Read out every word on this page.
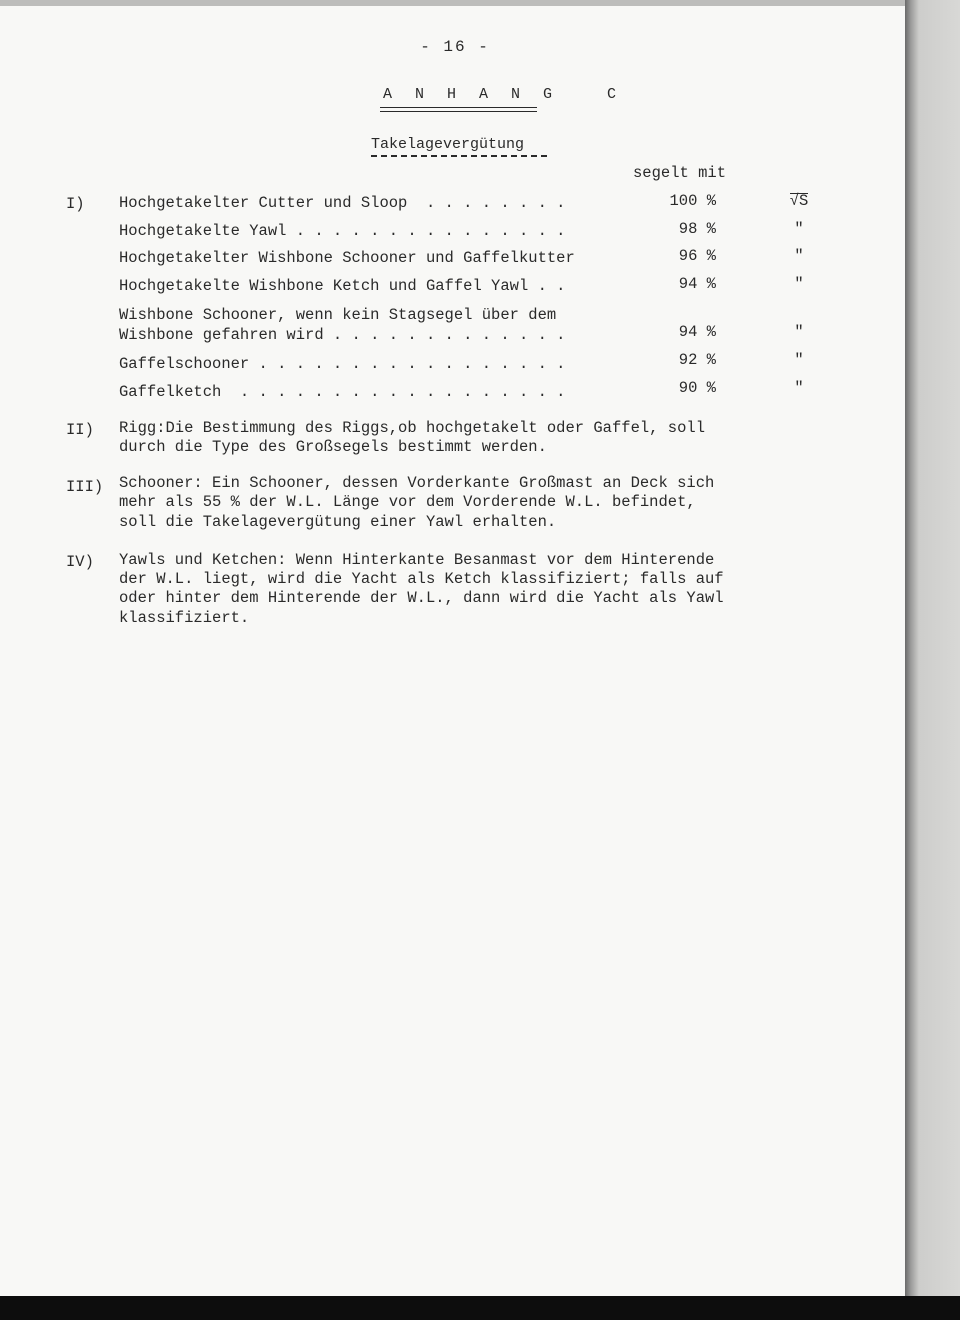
- 16 -
A N H A N G   C
Takelagevergütung
segelt mit
I) Hochgetakelter Cutter und Sloop  . . . . . . . .	100 %	√S
Hochgetakelte Yawl . . . . . . . . . . . . . . .	98 %	"
Hochgetakelter Wishbone Schooner und Gaffelkutter	96 %	"
Hochgetakelte Wishbone Ketch und Gaffel Yawl . .	94 %	"
Wishbone Schooner, wenn kein Stagsegel über dem
Wishbone gefahren wird . . . . . . . . . . . . .	94 %	"
Gaffelschooner . . . . . . . . . . . . . . . . .	92 %	"
Gaffelketch  . . . . . . . . . . . . . . . . . .	90 %	"
II) Rigg:Die Bestimmung des Riggs,ob hochgetakelt oder Gaffel, soll
durch die Type des Großsegels bestimmt werden.
III) Schooner: Ein Schooner, dessen Vorderkante Großmast an Deck sich
mehr als 55 % der W.L. Länge vor dem Vorderende W.L. befindet,
soll die Takelagevergütung einer Yawl erhalten.
IV) Yawls und Ketchen: Wenn Hinterkante Besanmast vor dem Hinterende
der W.L. liegt, wird die Yacht als Ketch klassifiziert; falls auf
oder hinter dem Hinterende der W.L., dann wird die Yacht als Yawl
klassifiziert.
